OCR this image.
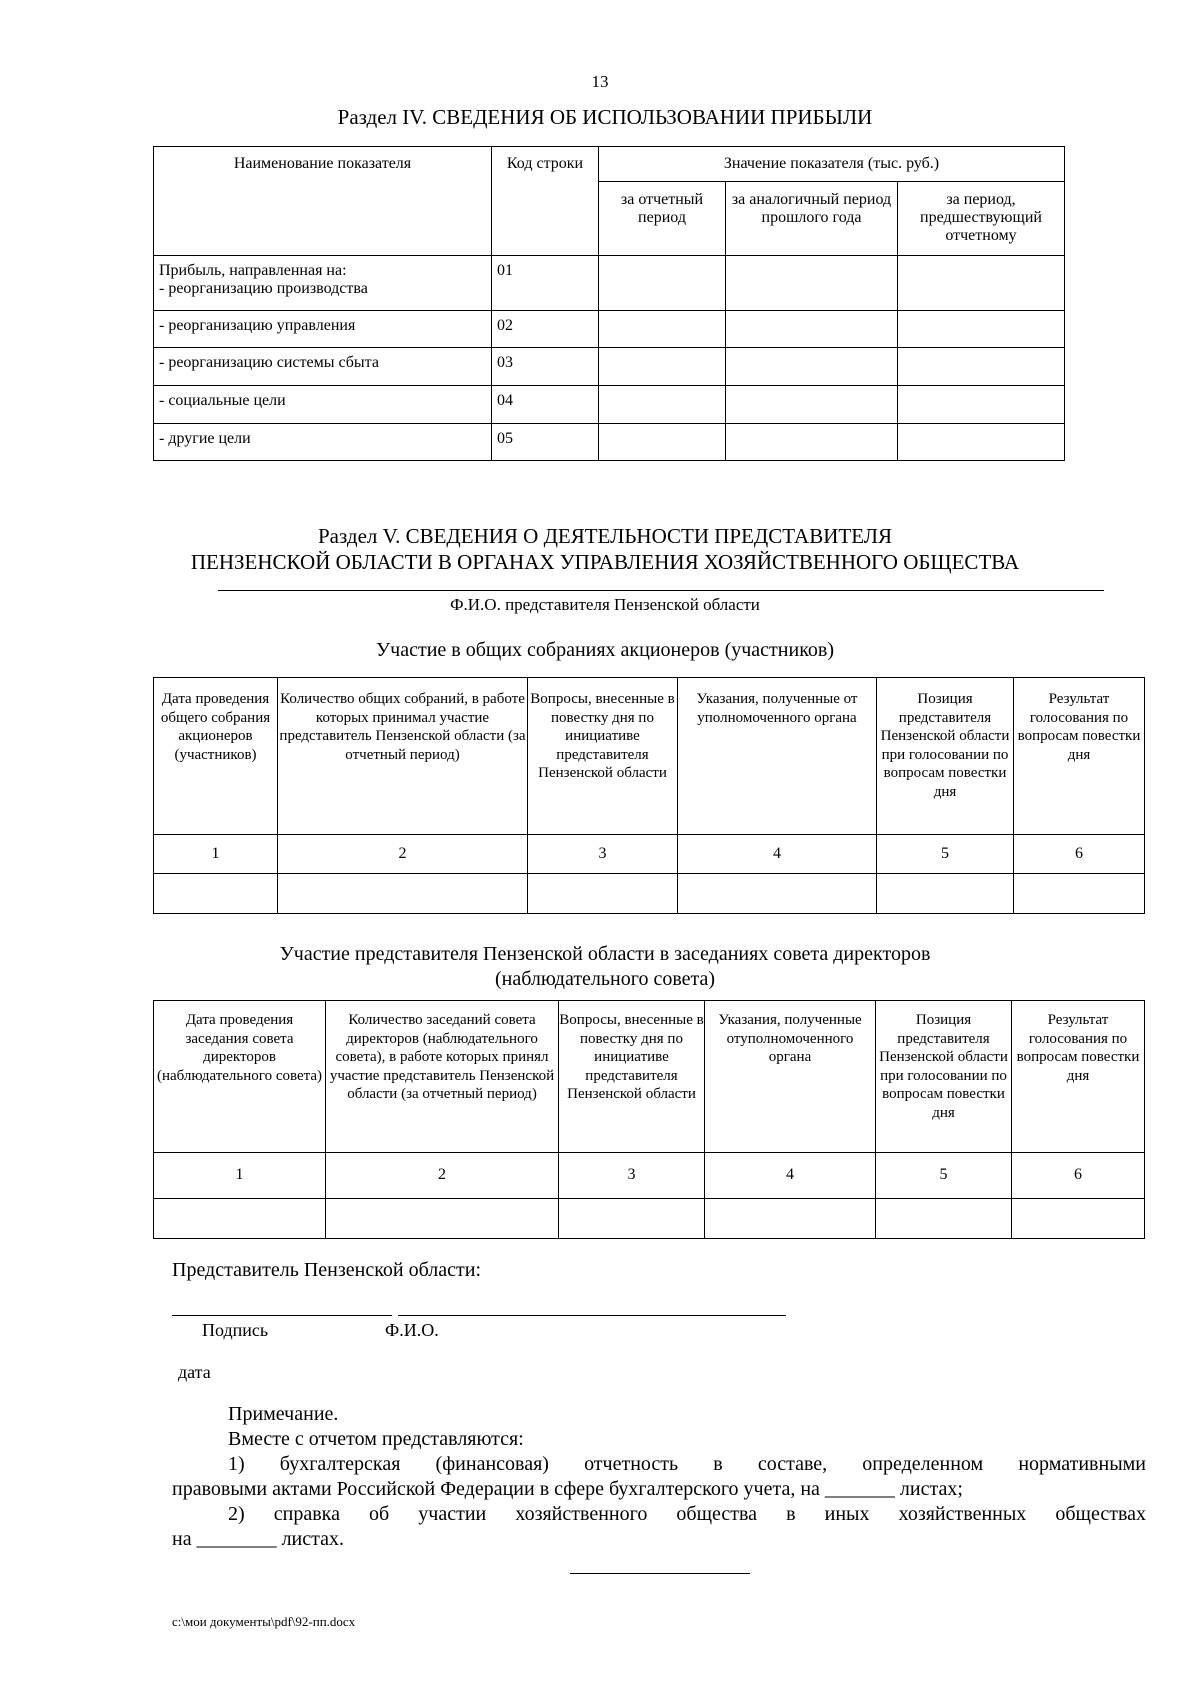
13
Раздел IV. СВЕДЕНИЯ ОБ ИСПОЛЬЗОВАНИИ ПРИБЫЛИ
Наименование показателя	Код строки	Значение показателя (тыс. руб.)		
		за отчетный период	за аналогичный период прошлого года	за период, предшествующий отчетному
Прибыль, направленная на:
- реорганизацию производства	01			
- реорганизацию управления	02			
- реорганизацию системы сбыта	03			
- социальные цели	04			
- другие цели	05			
Раздел V. СВЕДЕНИЯ О ДЕЯТЕЛЬНОСТИ ПРЕДСТАВИТЕЛЯ
ПЕНЗЕНСКОЙ ОБЛАСТИ В ОРГАНАХ УПРАВЛЕНИЯ ХОЗЯЙСТВЕННОГО ОБЩЕСТВА
Ф.И.О. представителя Пензенской области
Участие в общих собраниях акционеров (участников)
Дата проведения общего собрания акционеров (участников)	Количество общих собраний, в работе которых принимал участие представитель Пензенской области (за отчетный период)	Вопросы, внесенные в повестку дня по инициативе представителя Пензенской области	Указания, полученные от уполномоченного органа	Позиция представителя Пензенской области при голосовании по вопросам повестки дня	Результат голосования по вопросам повестки дня
1	2	3	4	5	6

Участие представителя Пензенской области в заседаниях совета директоров
(наблюдательного совета)
Дата проведения заседания совета директоров (наблюдательного совета)	Количество заседаний совета директоров (наблюдательного совета), в работе которых принял участие представитель Пензенской области (за отчетный период)	Вопросы, внесенные в повестку дня по инициативе представителя Пензенской области	Указания, полученные отуполномоченного органа	Позиция представителя Пензенской области при голосовании по вопросам повестки дня	Результат голосования по вопросам повестки дня
1	2	3	4	5	6

Представитель Пензенской области:
Подпись	Ф.И.О.
дата
Примечание.
Вместе с отчетом представляются:
1) бухгалтерская (финансовая) отчетность в составе, определенном нормативными
правовыми актами Российской Федерации в сфере бухгалтерского учета, на _______ листах;
2) справка об участии хозяйственного общества в иных хозяйственных обществах
на ________ листах.
c:\мои документы\pdf\92-пп.docx
